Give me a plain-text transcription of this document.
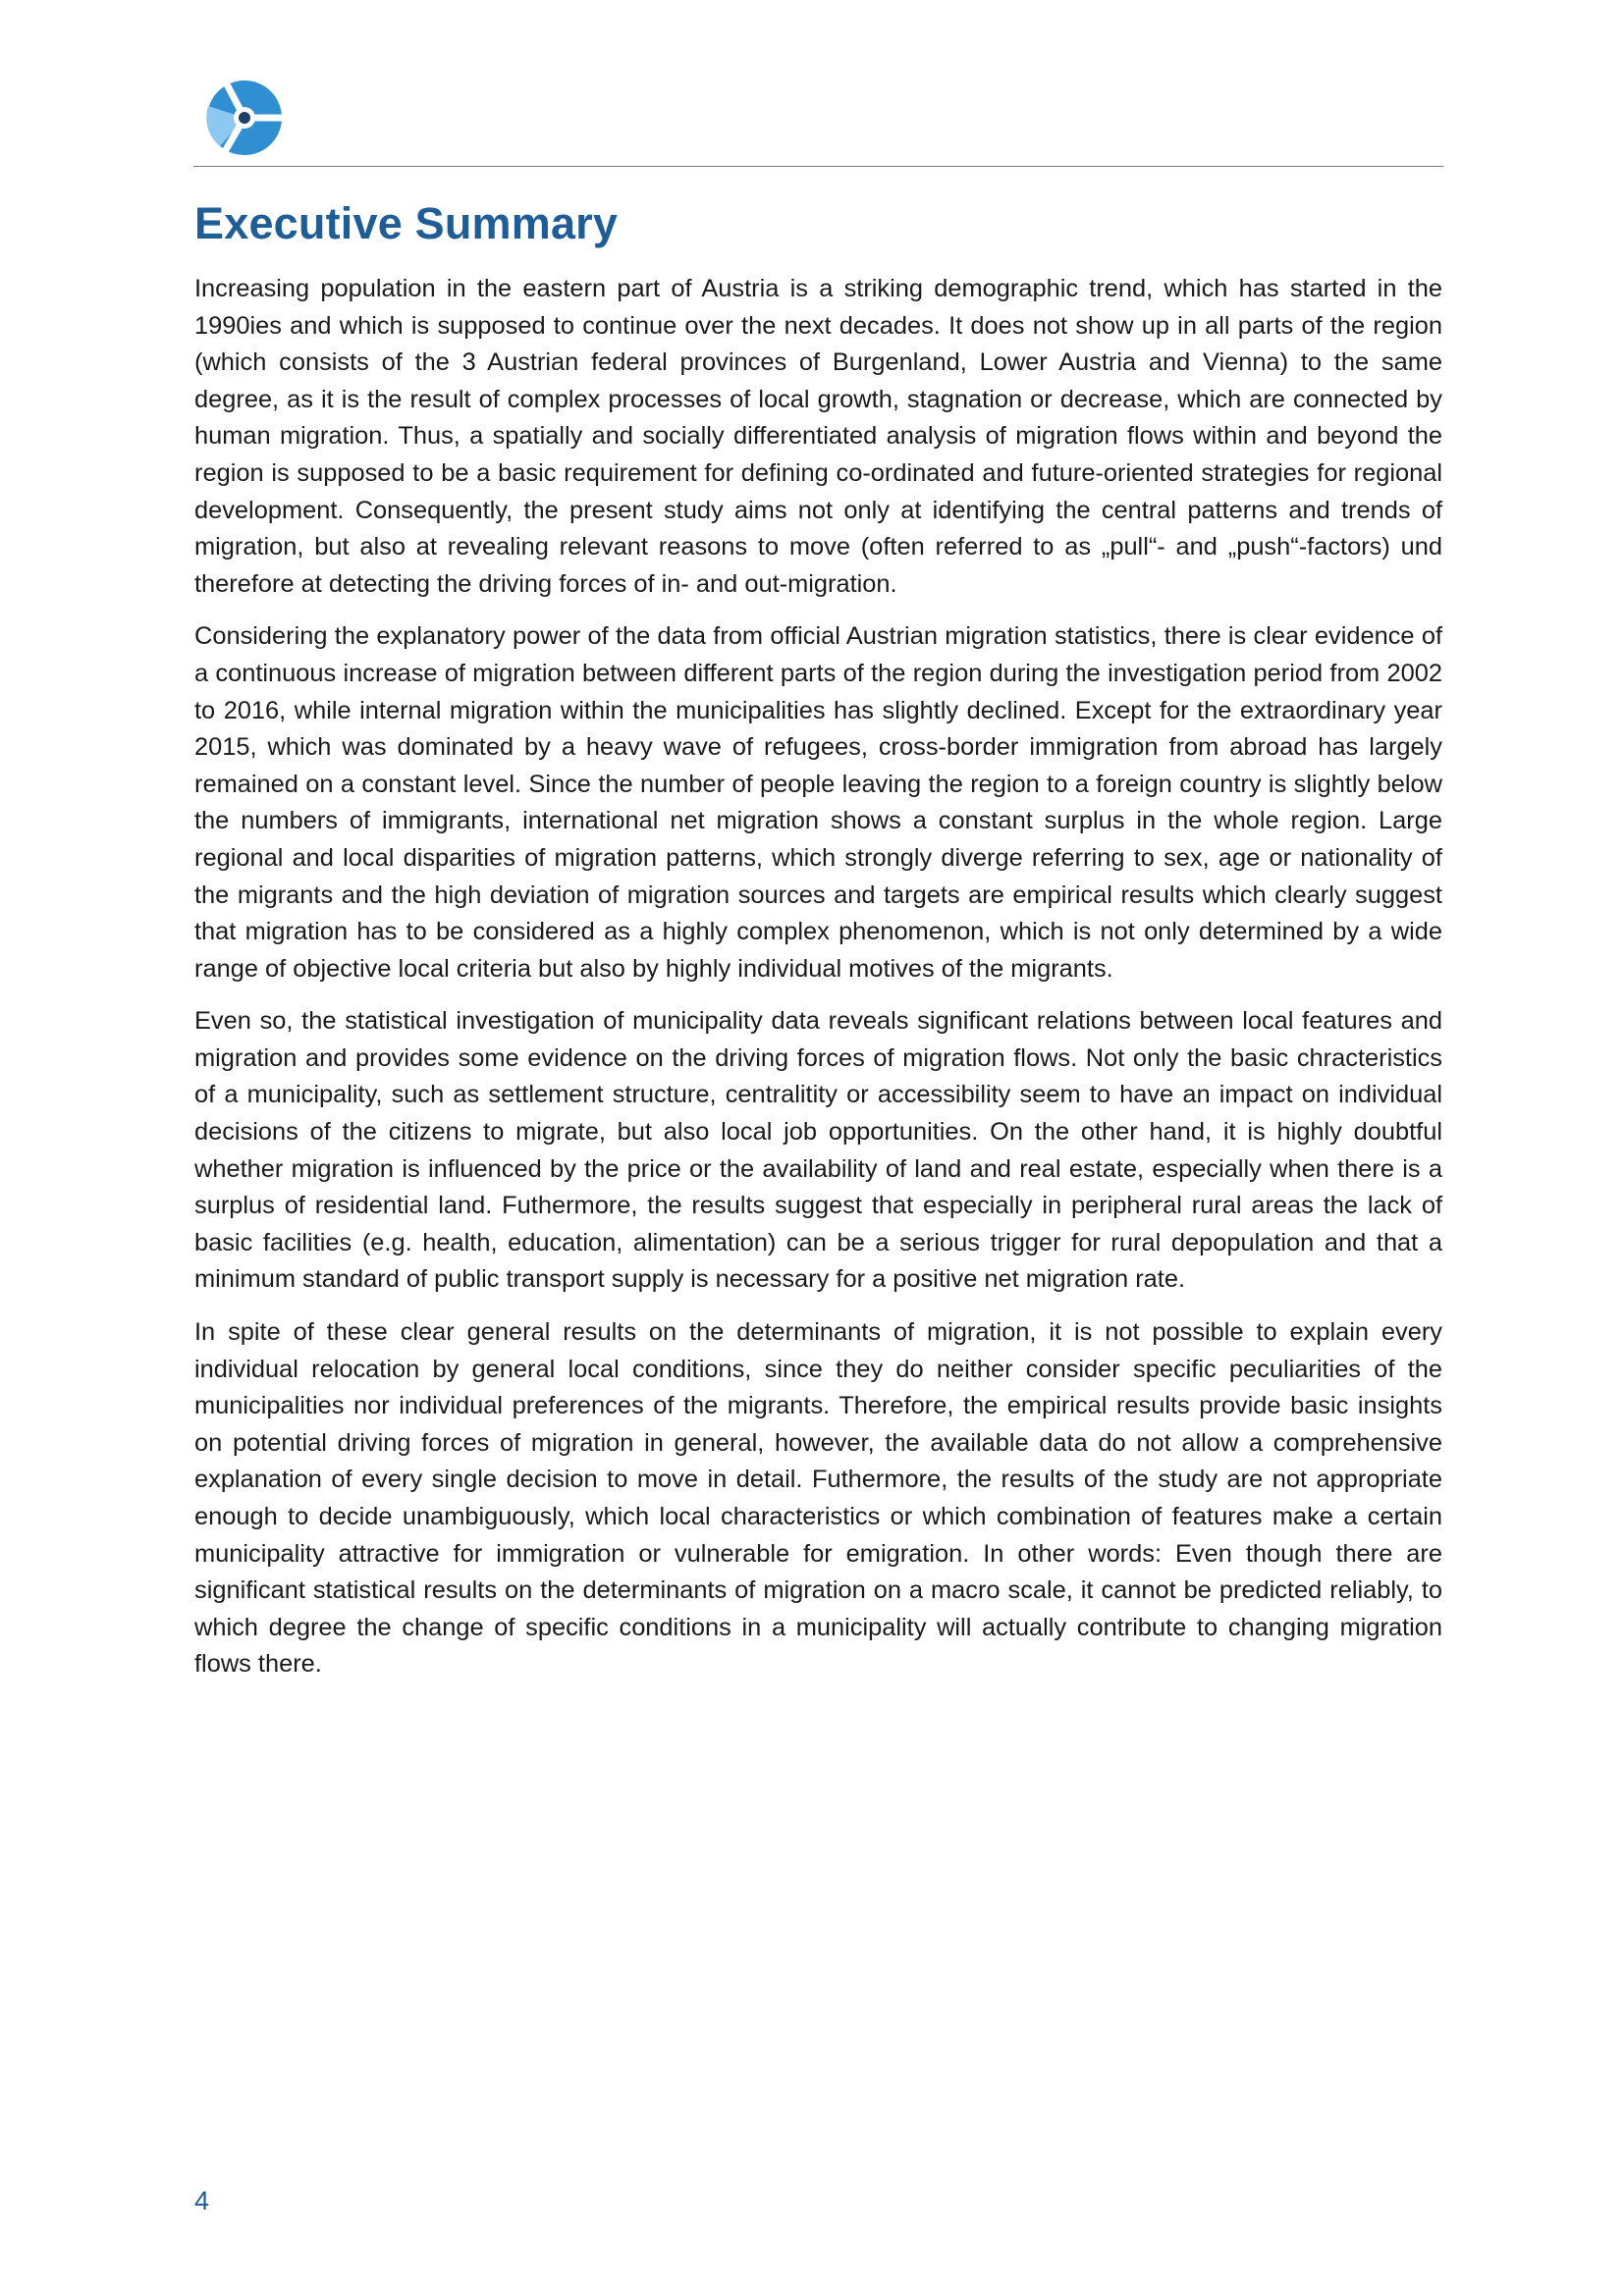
Executive Summary

Increasing population in the eastern part of Austria is a striking demographic trend, which has started in the 1990ies and which is supposed to continue over the next decades. It does not show up in all parts of the region (which consists of the 3 Austrian federal provinces of Burgenland, Lower Austria and Vienna) to the same degree, as it is the result of complex processes of local growth, stagnation or decrease, which are connected by human migration. Thus, a spatially and socially differentiated analysis of migration flows within and beyond the region is supposed to be a basic requirement for defining co-ordinated and future-oriented strategies for regional development. Consequently, the present study aims not only at identifying the central patterns and trends of migration, but also at revealing relevant reasons to move (often referred to as „pull“- and „push“-factors) und therefore at detecting the driving forces of in- and out-migration.

Considering the explanatory power of the data from official Austrian migration statistics, there is clear evidence of a continuous increase of migration between different parts of the region during the investigation period from 2002 to 2016, while internal migration within the municipalities has slightly declined. Except for the extraordinary year 2015, which was dominated by a heavy wave of refugees, cross-border immigration from abroad has largely remained on a constant level. Since the number of people leaving the region to a foreign country is slightly below the numbers of immigrants, international net migration shows a constant surplus in the whole region. Large regional and local disparities of migration patterns, which strongly diverge referring to sex, age or nationality of the migrants and the high deviation of migration sources and targets are empirical results which clearly suggest that migration has to be considered as a highly complex phenomenon, which is not only determined by a wide range of objective local criteria but also by highly individual motives of the migrants.

Even so, the statistical investigation of municipality data reveals significant relations between local features and migration and provides some evidence on the driving forces of migration flows. Not only the basic chracteristics of a municipality, such as settlement structure, centralitity or accessibility seem to have an impact on individual decisions of the citizens to migrate, but also local job opportunities. On the other hand, it is highly doubtful whether migration is influenced by the price or the availability of land and real estate, especially when there is a surplus of residential land. Futhermore, the results suggest that especially in peripheral rural areas the lack of basic facilities (e.g. health, education, alimentation) can be a serious trigger for rural depopulation and that a minimum standard of public transport supply is necessary for a positive net migration rate.

In spite of these clear general results on the determinants of migration, it is not possible to explain every individual relocation by general local conditions, since they do neither consider specific peculiarities of the municipalities nor individual preferences of the migrants. Therefore, the empirical results provide basic insights on potential driving forces of migration in general, however, the available data do not allow a comprehensive explanation of every single decision to move in detail. Futhermore, the results of the study are not appropriate enough to decide unambiguously, which local characteristics or which combination of features make a certain municipality attractive for immigration or vulnerable for emigration. In other words: Even though there are significant statistical results on the determinants of migration on a macro scale, it cannot be predicted reliably, to which degree the change of specific conditions in a municipality will actually contribute to changing migration flows there.

4
